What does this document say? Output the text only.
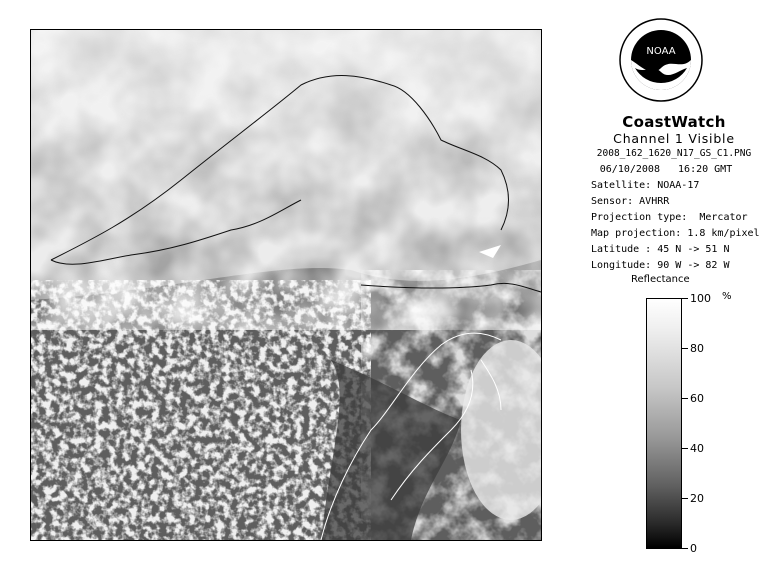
NOAA
CoastWatch
Channel 1 Visible
2008_162_1620_N17_GS_C1.PNG
06/10/2008   16:20 GMT
Satellite: NOAA-17
Sensor: AVHRR
Projection type:  Mercator
Map projection: 1.8 km/pixel
Latitude : 45 N -> 51 N
Longitude: 90 W -> 82 W
Reflectance
%
100
80
60
40
20
0
